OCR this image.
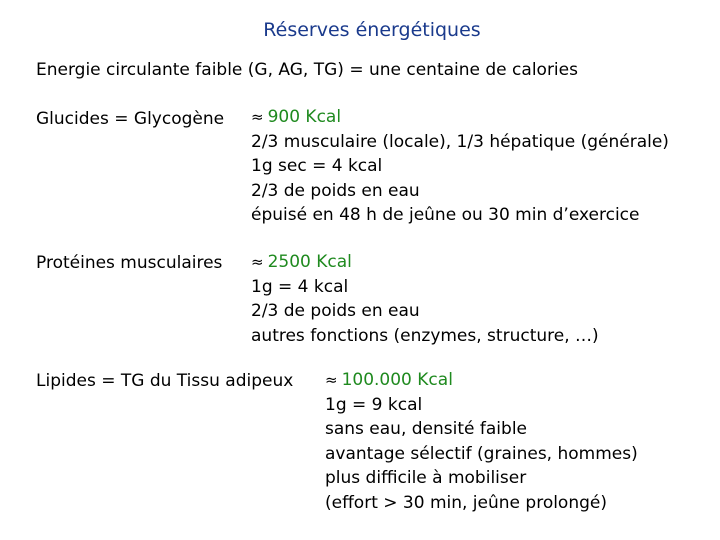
Réserves énergétiques
Energie circulante faible (G, AG, TG) = une centaine de calories
Glucides = Glycogène ≈ 900 Kcal
2/3 musculaire (locale), 1/3 hépatique (générale)
1g sec = 4 kcal
2/3 de poids en eau
épuisé en 48 h de jeûne ou 30 min d’exercice
Protéines musculaires ≈ 2500 Kcal
1g = 4 kcal
2/3 de poids en eau
autres fonctions (enzymes, structure, …)
Lipides = TG du Tissu adipeux ≈ 100.000 Kcal
1g = 9 kcal
sans eau, densité faible
avantage sélectif (graines, hommes)
plus difficile à mobiliser
(effort > 30 min, jeûne prolongé)
